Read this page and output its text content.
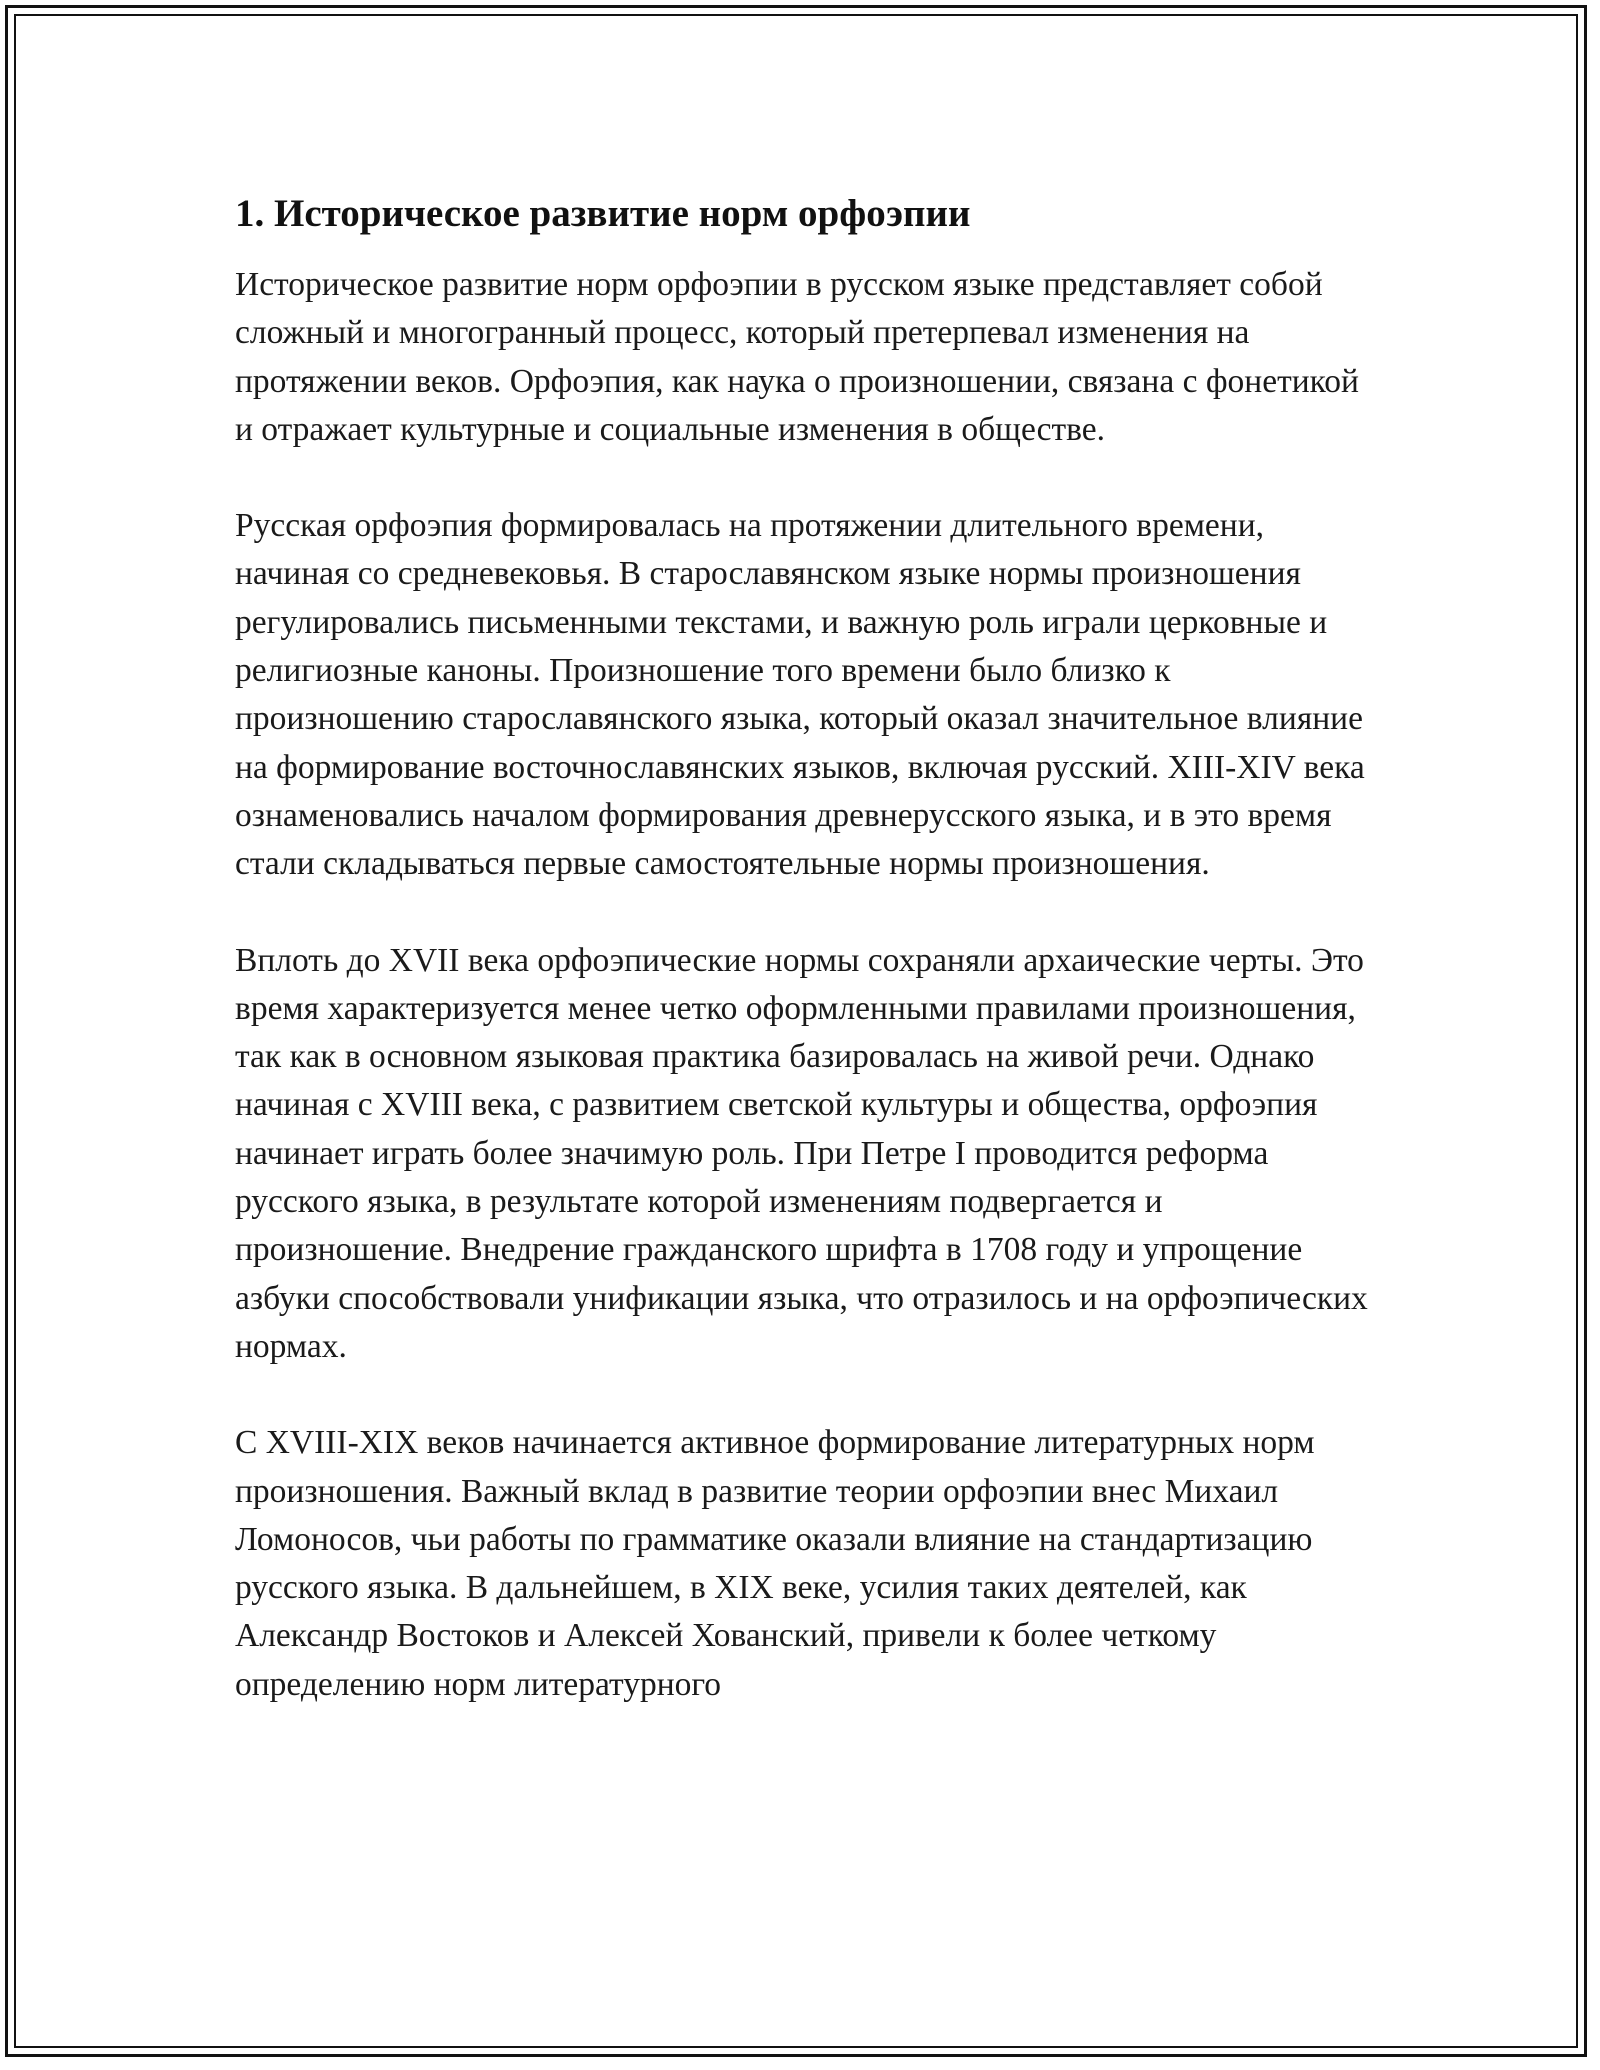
1. Историческое развитие норм орфоэпии

Историческое развитие норм орфоэпии в русском языке представляет собой сложный и многогранный процесс, который претерпевал изменения на протяжении веков. Орфоэпия, как наука о произношении, связана с фонетикой и отражает культурные и социальные изменения в обществе.

Русская орфоэпия формировалась на протяжении длительного времени, начиная со средневековья. В старославянском языке нормы произношения регулировались письменными текстами, и важную роль играли церковные и религиозные каноны. Произношение того времени было близко к произношению старославянского языка, который оказал значительное влияние на формирование восточнославянских языков, включая русский. XIII-XIV века ознаменовались началом формирования древнерусского языка, и в это время стали складываться первые самостоятельные нормы произношения.

Вплоть до XVII века орфоэпические нормы сохраняли архаические черты. Это время характеризуется менее четко оформленными правилами произношения, так как в основном языковая практика базировалась на живой речи. Однако начиная с XVIII века, с развитием светской культуры и общества, орфоэпия начинает играть более значимую роль. При Петре I проводится реформа русского языка, в результате которой изменениям подвергается и произношение. Внедрение гражданского шрифта в 1708 году и упрощение азбуки способствовали унификации языка, что отразилось и на орфоэпических нормах.

С XVIII-XIX веков начинается активное формирование литературных норм произношения. Важный вклад в развитие теории орфоэпии внес Михаил Ломоносов, чьи работы по грамматике оказали влияние на стандартизацию русского языка. В дальнейшем, в XIX веке, усилия таких деятелей, как Александр Востоков и Алексей Хованский, привели к более четкому определению норм литературного
